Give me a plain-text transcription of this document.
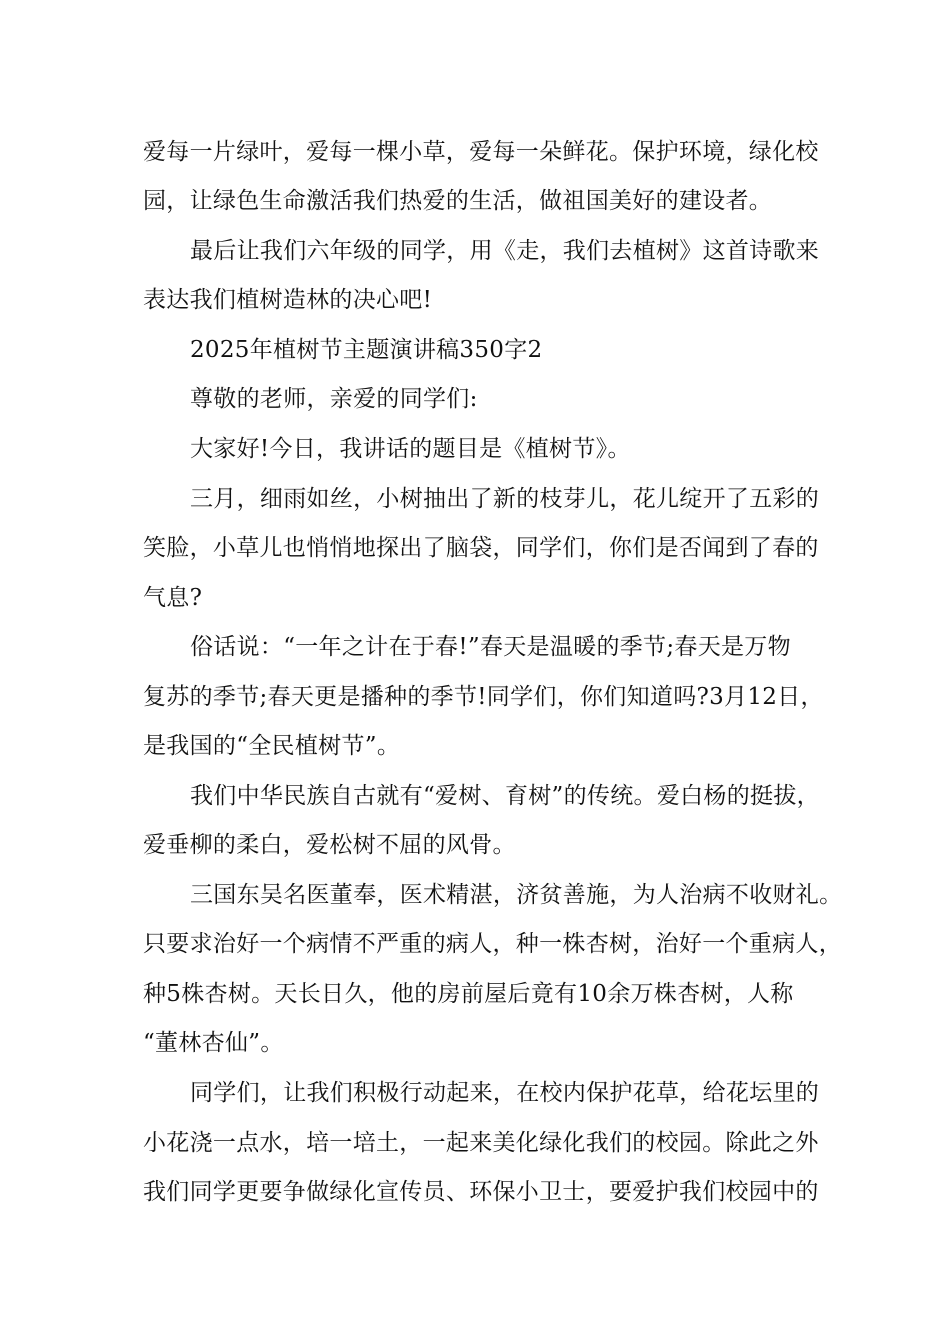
爱每一片绿叶，爱每一棵小草，爱每一朵鲜花。保护环境，绿化校
园，让绿色生命激活我们热爱的生活，做祖国美好的建设者。
最后让我们六年级的同学，用《走，我们去植树》这首诗歌来
表达我们植树造林的决心吧!
2025年植树节主题演讲稿350字2
尊敬的老师，亲爱的同学们:
大家好!今日，我讲话的题目是《植树节》。
三月，细雨如丝，小树抽出了新的枝芽儿，花儿绽开了五彩的
笑脸，小草儿也悄悄地探出了脑袋，同学们，你们是否闻到了春的
气息?
俗话说：“一年之计在于春!”春天是温暖的季节;春天是万物
复苏的季节;春天更是播种的季节!同学们，你们知道吗?3月12日，
是我国的“全民植树节”。
我们中华民族自古就有“爱树、育树”的传统。爱白杨的挺拔，
爱垂柳的柔白，爱松树不屈的风骨。
三国东吴名医董奉，医术精湛，济贫善施，为人治病不收财礼。
只要求治好一个病情不严重的病人，种一株杏树，治好一个重病人，
种5株杏树。天长日久，他的房前屋后竟有10余万株杏树，人称
“董林杏仙”。
同学们，让我们积极行动起来，在校内保护花草，给花坛里的
小花浇一点水，培一培土，一起来美化绿化我们的校园。除此之外
我们同学更要争做绿化宣传员、环保小卫士，要爱护我们校园中的
